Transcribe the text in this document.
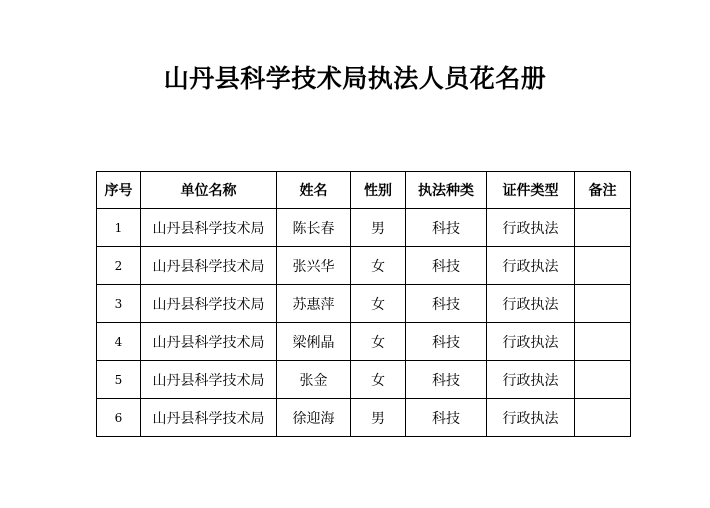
山丹县科学技术局执法人员花名册
序号	单位名称	姓名	性别	执法种类	证件类型	备注
1	山丹县科学技术局	陈长春	男	科技	行政执法	
2	山丹县科学技术局	张兴华	女	科技	行政执法	
3	山丹县科学技术局	苏惠萍	女	科技	行政执法	
4	山丹县科学技术局	梁俐晶	女	科技	行政执法	
5	山丹县科学技术局	张金	女	科技	行政执法	
6	山丹县科学技术局	徐迎海	男	科技	行政执法	
